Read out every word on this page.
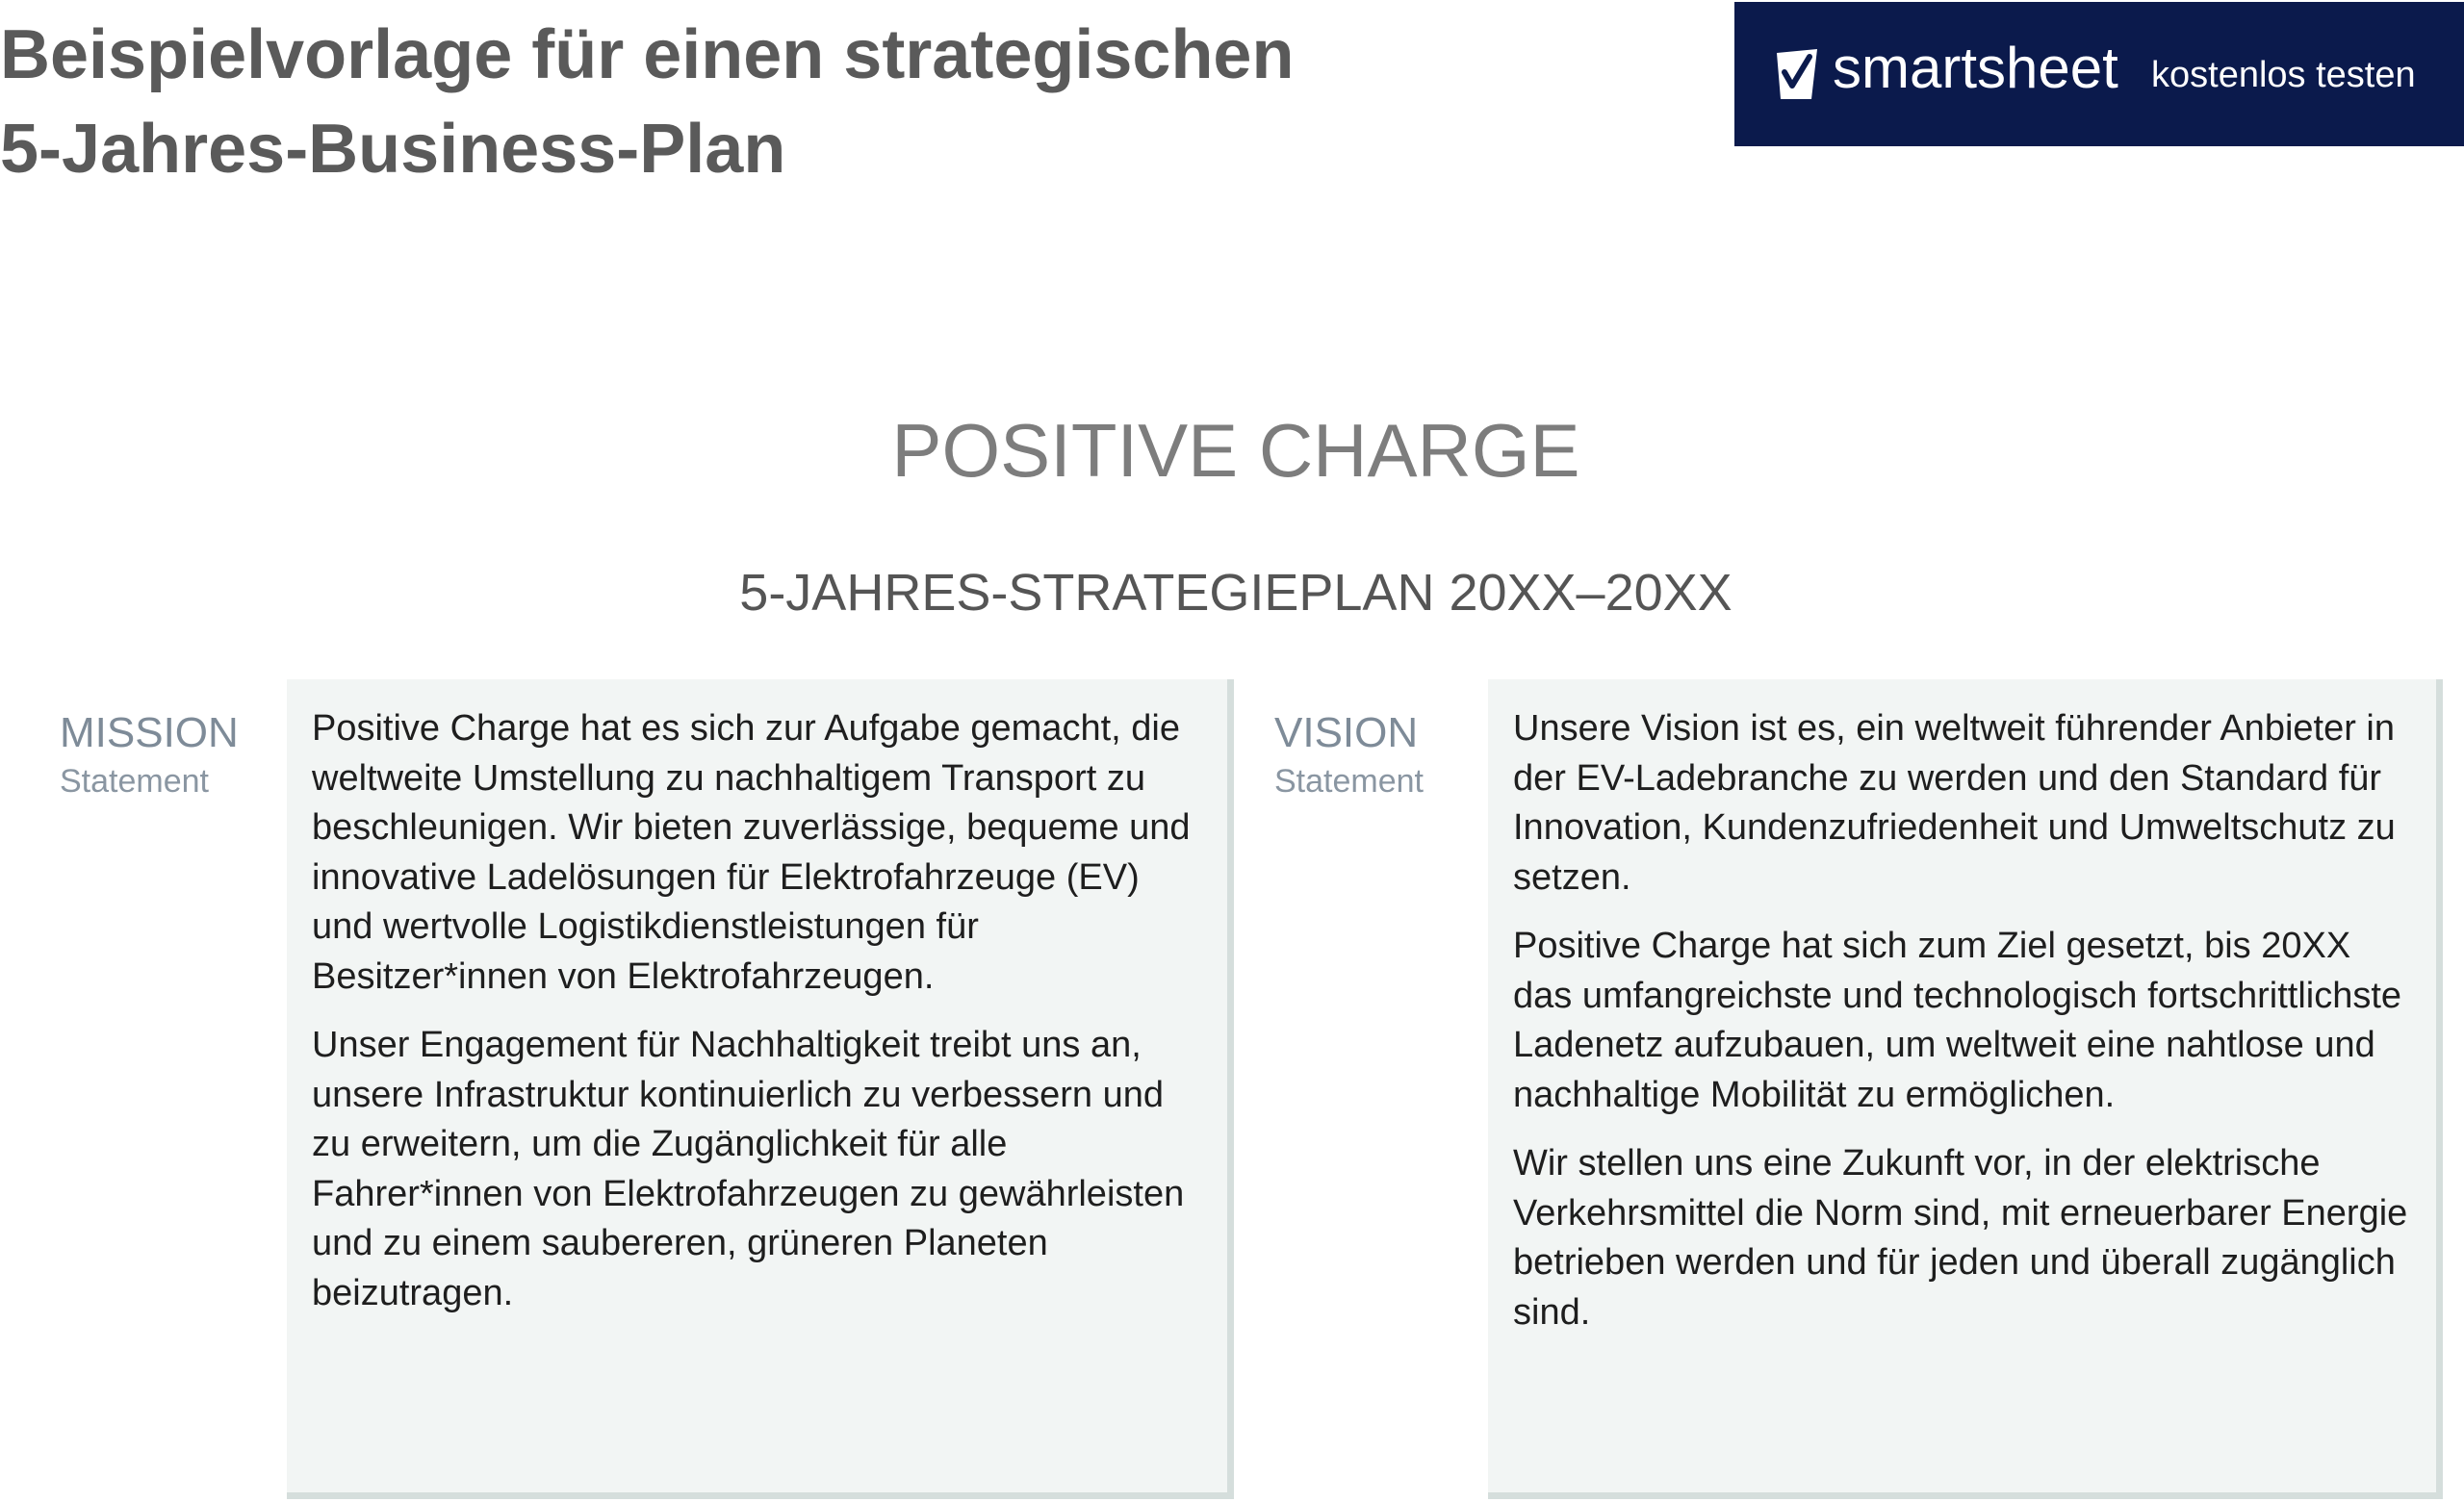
Beispielvorlage für einen strategischen
5-Jahres-Business-Plan
smartsheet kostenlos testen
POSITIVE CHARGE
5-JAHRES-STRATEGIEPLAN 20XX–20XX
MISSION
Statement

Positive Charge hat es sich zur Aufgabe gemacht, die weltweite Umstellung zu nachhaltigem Transport zu beschleunigen. Wir bieten zuverlässige, bequeme und innovative Ladelösungen für Elektrofahrzeuge (EV) und wertvolle Logistikdienstleistungen für Besitzer*innen von Elektrofahrzeugen.

Unser Engagement für Nachhaltigkeit treibt uns an, unsere Infrastruktur kontinuierlich zu verbessern und zu erweitern, um die Zugänglichkeit für alle Fahrer*innen von Elektrofahrzeugen zu gewährleisten und zu einem saubereren, grüneren Planeten beizutragen.

VISION
Statement

Unsere Vision ist es, ein weltweit führender Anbieter in der EV-Ladebranche zu werden und den Standard für Innovation, Kundenzufriedenheit und Umweltschutz zu setzen.

Positive Charge hat sich zum Ziel gesetzt, bis 20XX das umfangreichste und technologisch fortschrittlichste Ladenetz aufzubauen, um weltweit eine nahtlose und nachhaltige Mobilität zu ermöglichen.

Wir stellen uns eine Zukunft vor, in der elektrische Verkehrsmittel die Norm sind, mit erneuerbarer Energie betrieben werden und für jeden und überall zugänglich sind.
